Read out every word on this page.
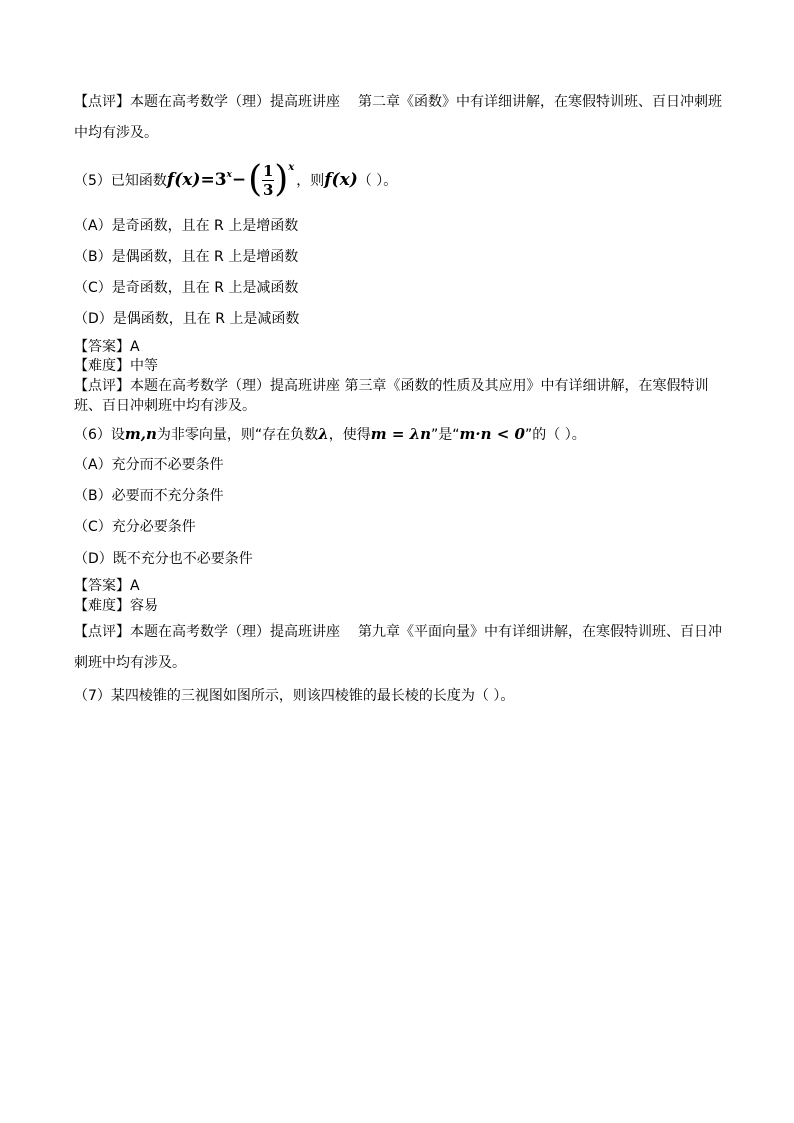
【点评】本题在高考数学（理）提高班讲座 第二章《函数》中有详细讲解，在寒假特训班、百日冲刺班
中均有涉及。
（5）已知函数$f(x)=3^x-( \frac{1}{3} )^x$，则f(x)（ ）。
（A）是奇函数，且在 R 上是增函数
（B）是偶函数，且在 R 上是增函数
（C）是奇函数，且在 R 上是减函数
（D）是偶函数，且在 R 上是减函数
【答案】A
【难度】中等
【点评】本题在高考数学（理）提高班讲座 第三章《函数的性质及其应用》中有详细讲解，在寒假特训
班、百日冲刺班中均有涉及。
（6）设m,n为非零向量，则“存在负数λ，使得m = λn”是“m·n < 0”的（ ）。
（A）充分而不必要条件
（B）必要而不充分条件
（C）充分必要条件
（D）既不充分也不必要条件
【答案】A
【难度】容易
【点评】本题在高考数学（理）提高班讲座 第九章《平面向量》中有详细讲解，在寒假特训班、百日冲
刺班中均有涉及。
（7）某四棱锥的三视图如图所示，则该四棱锥的最长棱的长度为（ ）。
